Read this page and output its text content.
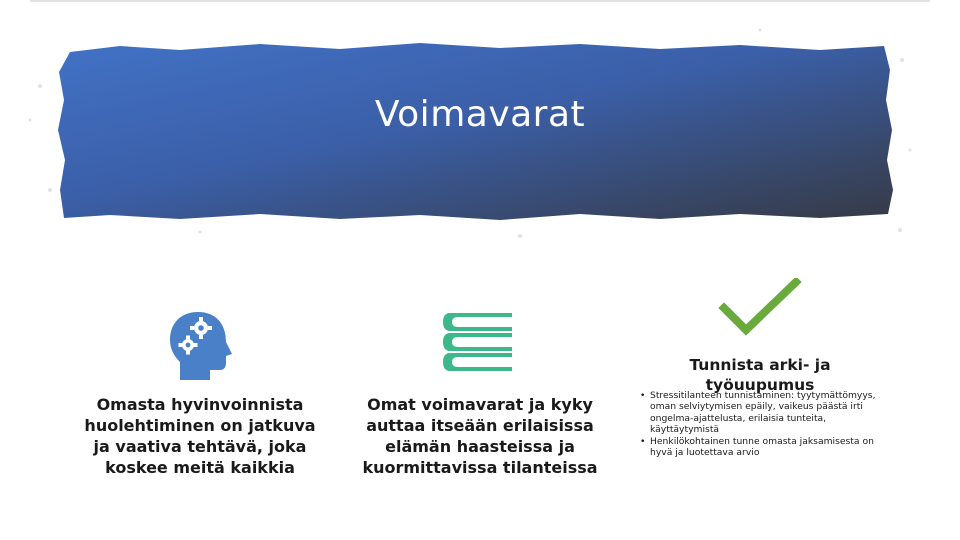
Voimavarat
Omasta hyvinvoinnista huolehtiminen on jatkuva ja vaativa tehtävä, joka koskee meitä kaikkia
Omat voimavarat ja kyky auttaa itseään erilaisissa elämän haasteissa ja kuormittavissa tilanteissa
Tunnista arki- ja työuupumus
• Stressitilanteen tunnistaminen: tyytymättömyys, oman selviytymisen epäily, vaikeus päästä irti ongelma-ajattelusta, erilaisia tunteita, käyttäytymistä
• Henkilökohtainen tunne omasta jaksamisesta on hyvä ja luotettava arvio
